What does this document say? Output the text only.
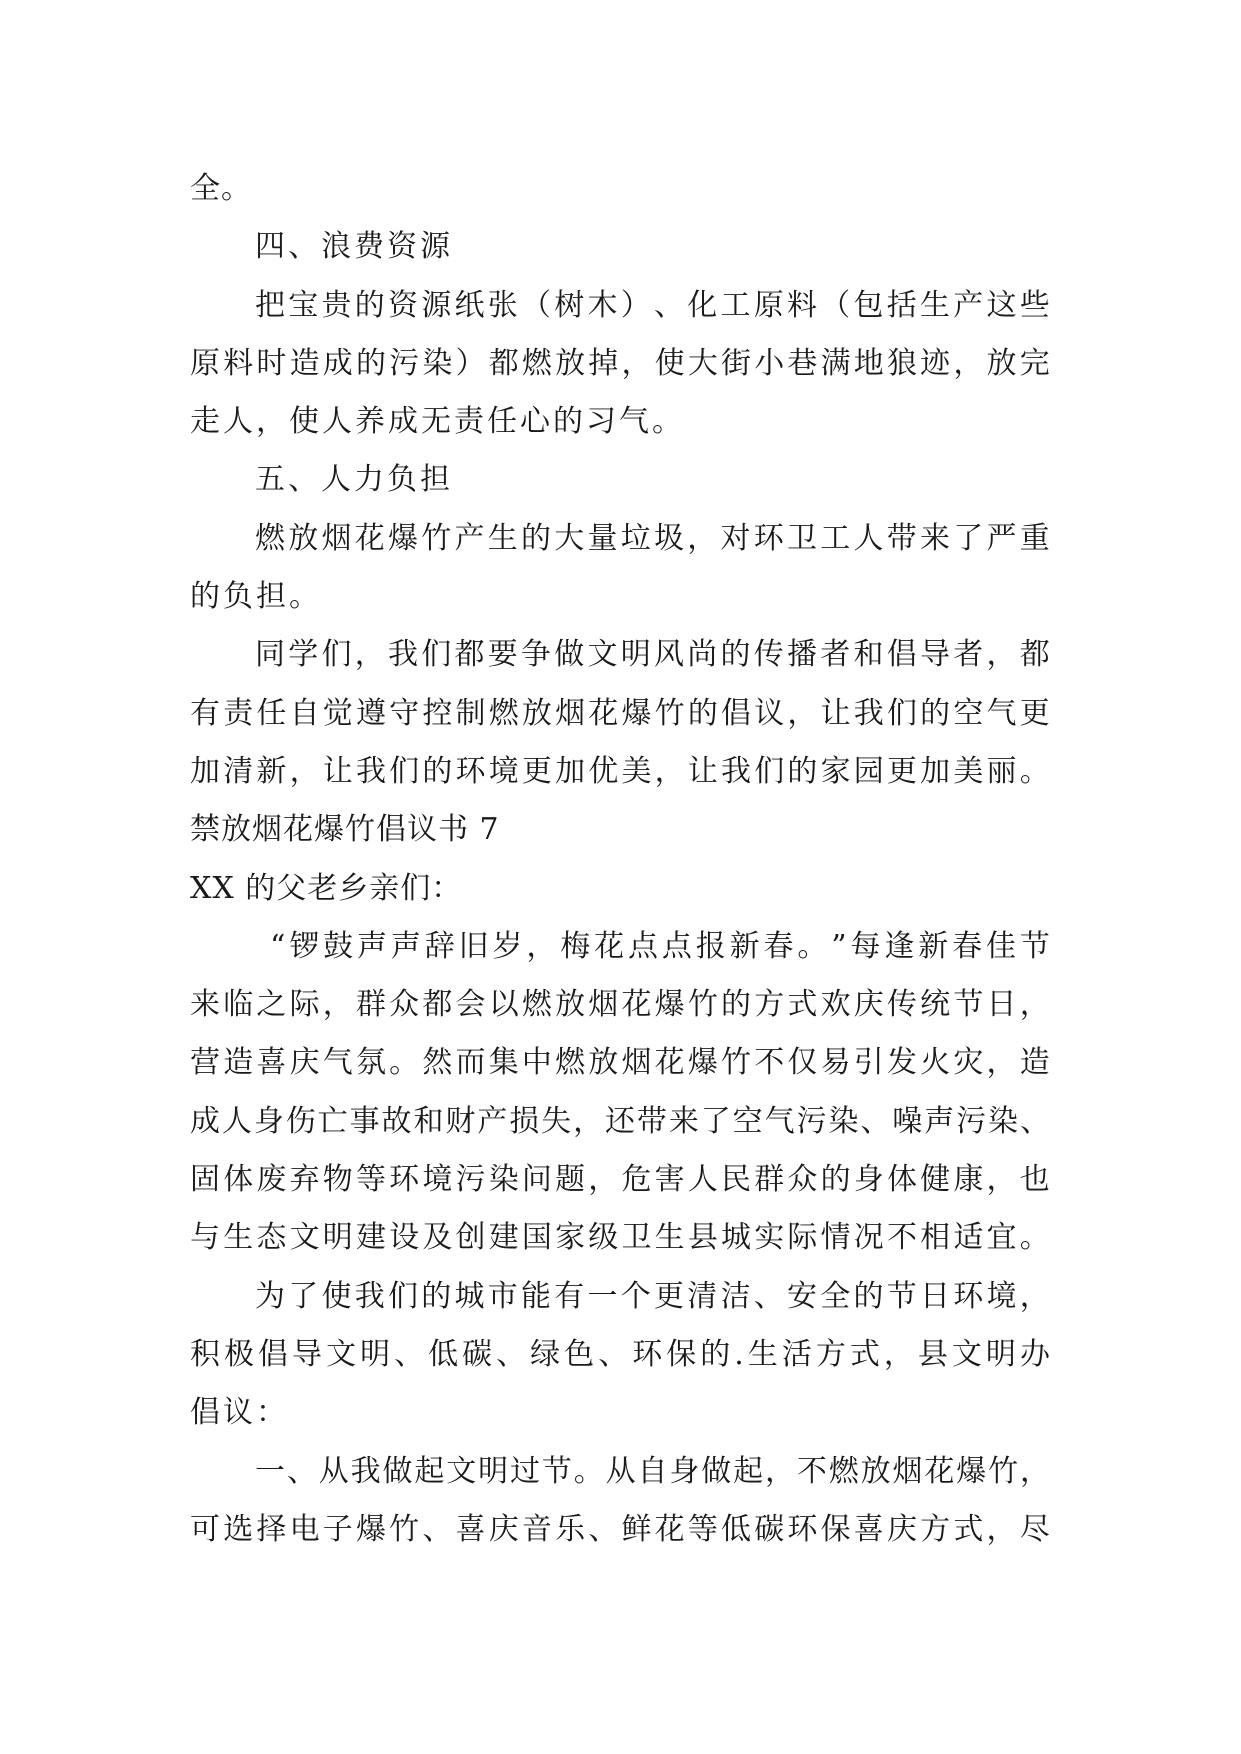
全。
四、浪费资源
把 宝 贵 的 资 源 纸 张 （ 树 木 ） 、 化 工 原 料 （ 包 括 生 产 这 些
原 料 时 造 成 的 污 染 ） 都 燃 放 掉 ， 使 大 街 小 巷 满 地 狼 迹 ， 放 完
走人，使人养成无责任心的习气。
五、人力负担
燃 放 烟 花 爆 竹 产 生 的 大 量 垃 圾 ， 对 环 卫 工 人 带 来 了 严 重
的负担。
同 学 们 ， 我 们 都 要 争 做 文 明 风 尚 的 传 播 者 和 倡 导 者 ， 都
有 责 任 自 觉 遵 守 控 制 燃 放 烟 花 爆 竹 的 倡 议 ， 让 我 们 的 空 气 更
加 清 新 ， 让 我 们 的 环 境 更 加 优 美 ， 让 我 们 的 家 园 更 加 美 丽 。
禁放烟花爆竹倡议书 7
XX 的父老乡亲们：
“ 锣 鼓 声 声 辞 旧 岁 ， 梅 花 点 点 报 新 春 。 ” 每 逢 新 春 佳 节
来 临 之 际 ， 群 众 都 会 以 燃 放 烟 花 爆 竹 的 方 式 欢 庆 传 统 节 日 ，
营 造 喜 庆 气 氛 。 然 而 集 中 燃 放 烟 花 爆 竹 不 仅 易 引 发 火 灾 ， 造
成 人 身 伤 亡 事 故 和 财 产 损 失 ， 还 带 来 了 空 气 污 染 、 噪 声 污 染 、
固 体 废 弃 物 等 环 境 污 染 问 题 ， 危 害 人 民 群 众 的 身 体 健 康 ， 也
与 生 态 文 明 建 设 及 创 建 国 家 级 卫 生 县 城 实 际 情 况 不 相 适 宜 。
为 了 使 我 们 的 城 市 能 有 一 个 更 清 洁 、 安 全 的 节 日 环 境 ，
积 极 倡 导 文 明 、 低 碳 、 绿 色 、 环 保 的 . 生 活 方 式 ， 县 文 明 办
倡议：
一 、 从 我 做 起 文 明 过 节 。 从 自 身 做 起 ， 不 燃 放 烟 花 爆 竹 ，
可 选 择 电 子 爆 竹 、 喜 庆 音 乐 、 鲜 花 等 低 碳 环 保 喜 庆 方 式 ， 尽
